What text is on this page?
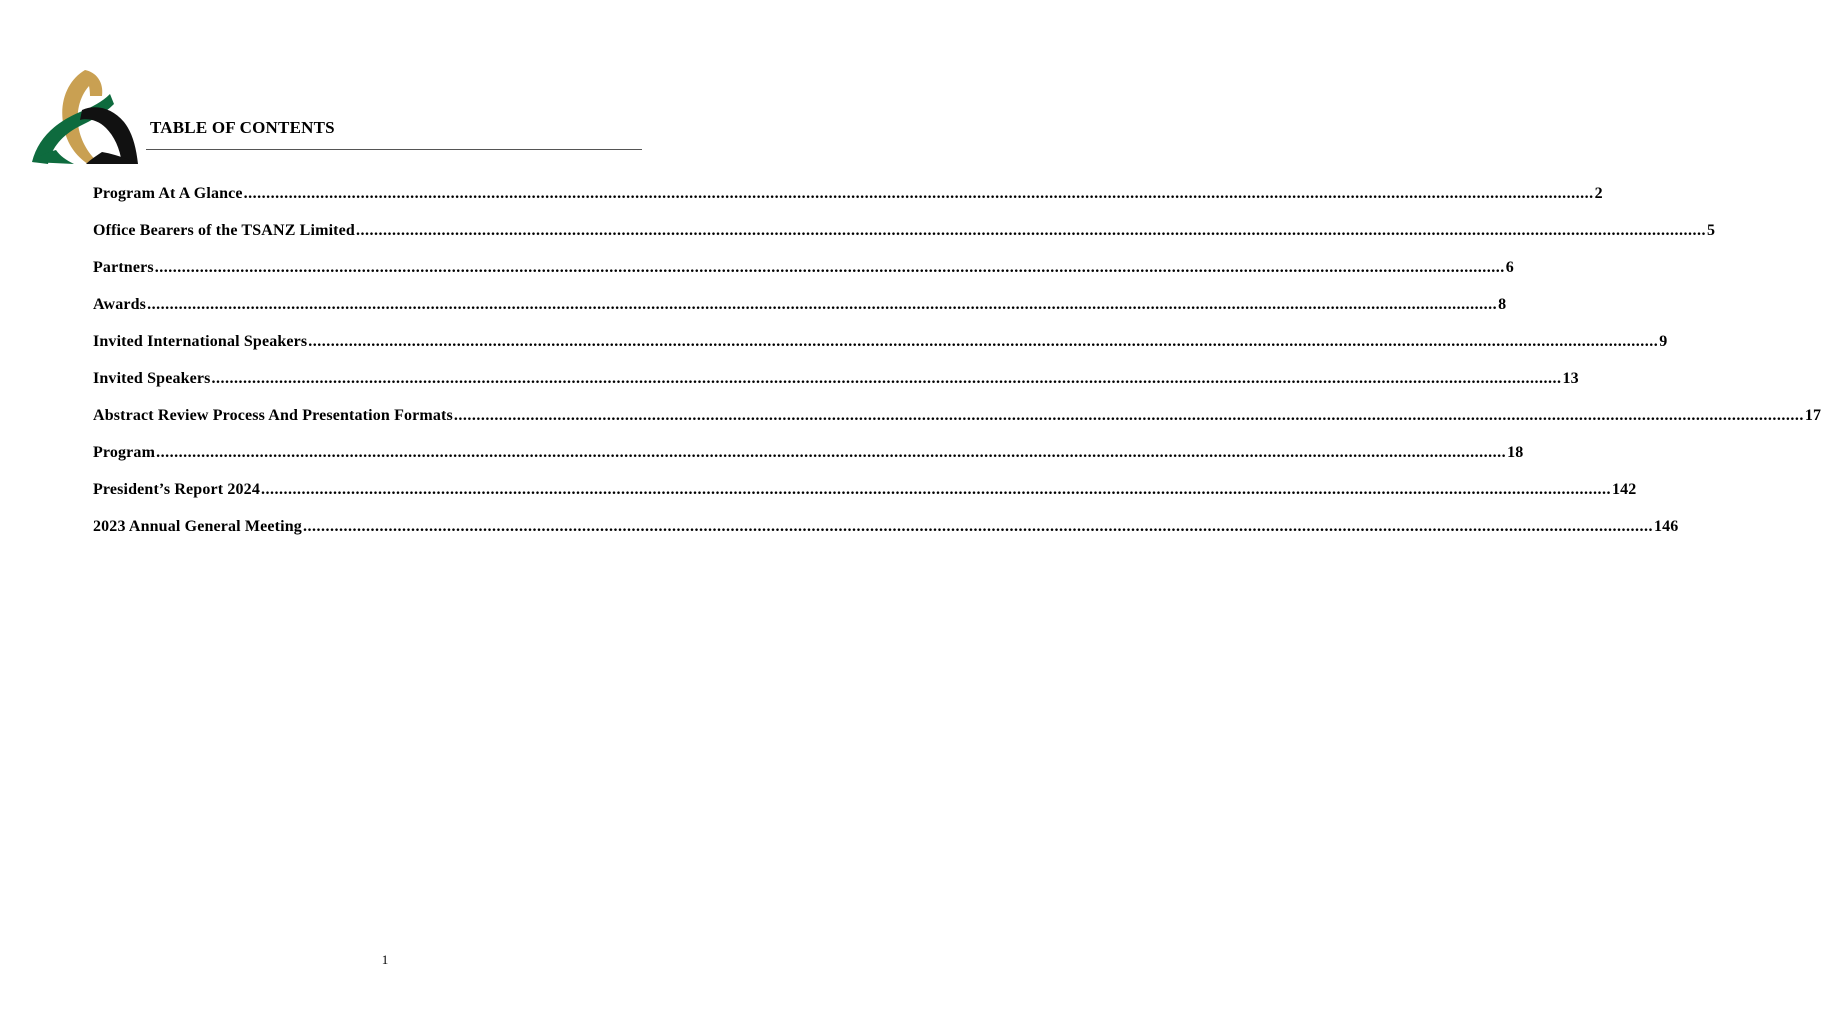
TABLE OF CONTENTS
Program At A Glance ............................................................................................................................................................................................................................................................................................................ 2
Office Bearers of the TSANZ Limited ............................................................................................................................................................................................................................................................................................................ 5
Partners ............................................................................................................................................................................................................................................................................................................ 6
Awards ............................................................................................................................................................................................................................................................................................................ 8
Invited International Speakers ............................................................................................................................................................................................................................................................................................................ 9
Invited Speakers ............................................................................................................................................................................................................................................................................................................ 13
Abstract Review Process And Presentation Formats ............................................................................................................................................................................................................................................................................................................ 17
Program ............................................................................................................................................................................................................................................................................................................ 18
President’s Report 2024 ............................................................................................................................................................................................................................................................................................................ 142
2023 Annual General Meeting ............................................................................................................................................................................................................................................................................................................ 146
1
